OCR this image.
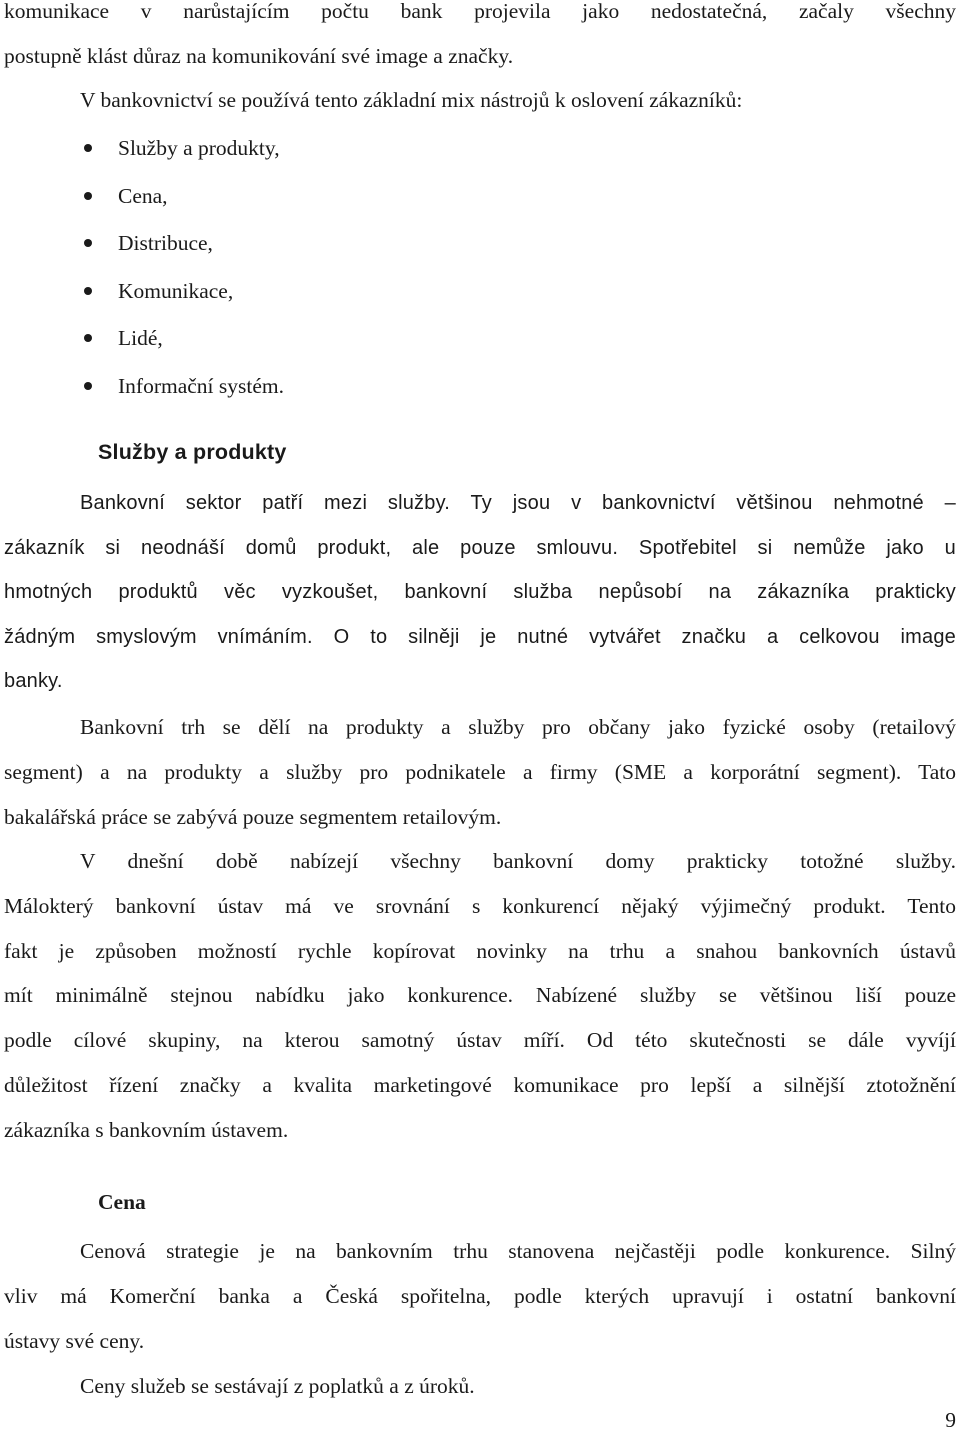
komunikace v narůstajícím počtu bank projevila jako nedostatečná, začaly všechny
postupně klást důraz na komunikování své image a značky.
V bankovnictví se používá tento základní mix nástrojů k oslovení zákazníků:
Služby a produkty,
Cena,
Distribuce,
Komunikace,
Lidé,
Informační systém.
Služby a produkty
Bankovní sektor patří mezi služby. Ty jsou v bankovnictví většinou nehmotné –
zákazník si neodnáší domů produkt, ale pouze smlouvu. Spotřebitel si nemůže jako u
hmotných produktů věc vyzkoušet, bankovní služba nepůsobí na zákazníka prakticky
žádným smyslovým vnímáním. O to silněji je nutné vytvářet značku a celkovou image
banky.
Bankovní trh se dělí na produkty a služby pro občany jako fyzické osoby (retailový
segment) a na produkty a služby pro podnikatele a firmy (SME a korporátní segment). Tato
bakalářská práce se zabývá pouze segmentem retailovým.
V dnešní době nabízejí všechny bankovní domy prakticky totožné služby.
Málokterý bankovní ústav má ve srovnání s konkurencí nějaký výjimečný produkt. Tento
fakt je způsoben možností rychle kopírovat novinky na trhu a snahou bankovních ústavů
mít minimálně stejnou nabídku jako konkurence. Nabízené služby se většinou liší pouze
podle cílové skupiny, na kterou samotný ústav míří. Od této skutečnosti se dále vyvíjí
důležitost řízení značky a kvalita marketingové komunikace pro lepší a silnější ztotožnění
zákazníka s bankovním ústavem.
Cena
Cenová strategie je na bankovním trhu stanovena nejčastěji podle konkurence. Silný
vliv má Komerční banka a Česká spořitelna, podle kterých upravují i ostatní bankovní
ústavy své ceny.
Ceny služeb se sestávají z poplatků a z úroků.
9
